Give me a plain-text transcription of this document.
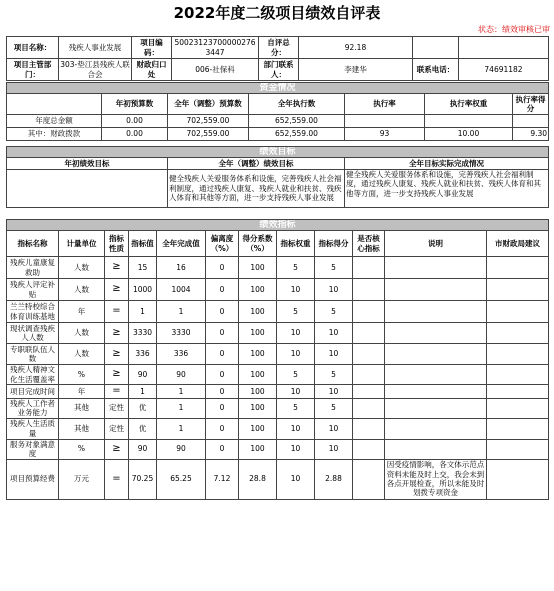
2022年度二级项目绩效自评表
状态：绩效审核已审
项目名称：	残疾人事业发展	项目编码：	500231237000002763447	自评总分：	92.18		
项目主管部门：	303-垫江县残疾人联合会	财政归口处	006-社保科	部门联系人：	李建华	联系电话：	74691182
资金情况						
	年初预算数	全年（调整）预算数	全年执行数	执行率	执行率权重	执行率得分
年度总金额	0.00	702,559.00	652,559.00			
其中：财政拨款	0.00	702,559.00	652,559.00	93	10.00	9.30
绩效目标		
年初绩效目标	全年（调整）绩效目标	全年目标实际完成情况
	健全残疾人关爱服务体系和设施，完善残疾人社会福利制度，通过残疾人康复、残疾人就业和扶贫、残疾人体育和其他等方面，进一步支持残疾人事业发展	健全残疾人关爱服务体系和设施，完善残疾人社会福利制度，通过残疾人康复、残疾人就业和扶贫、残疾人体育和其他等方面，进一步支持残疾人事业发展
绩效指标											
指标名称	计量单位	指标性质	指标值	全年完成值	偏离度（%）	得分系数（%）	指标权重	指标得分	是否核心指标	说明	市财政局建议
残疾儿童康复救助	人数	≥	15	16	0	100	5	5			
残疾人评定补贴	人数	≥	1000	1004	0	100	10	10			
兰兰特校综合体育训练基地	年	=	1	1	0	100	5	5			
现状调查残疾人人数	人数	≥	3330	3330	0	100	10	10			
专职联队伍人数	人数	≥	336	336	0	100	10	10			
残疾人精神文化生活覆盖率	%	≥	90	90	0	100	5	5			
项目完成时间	年	=	1	1	0	100	10	10			
残疾人工作者业务能力	其他	定性	优	1	0	100	5	5			
残疾人生活质量	其他	定性	优	1	0	100	10	10			
服务对象满意度	%	≥	90	90	0	100	10	10			
项目预算经费	万元	=	70.25	65.25	7.12	28.8	10	2.88		因受疫情影响，各文体示范点资料未能及时上交，我会未到各点开展检查，所以未能及时划拨专项资金	
